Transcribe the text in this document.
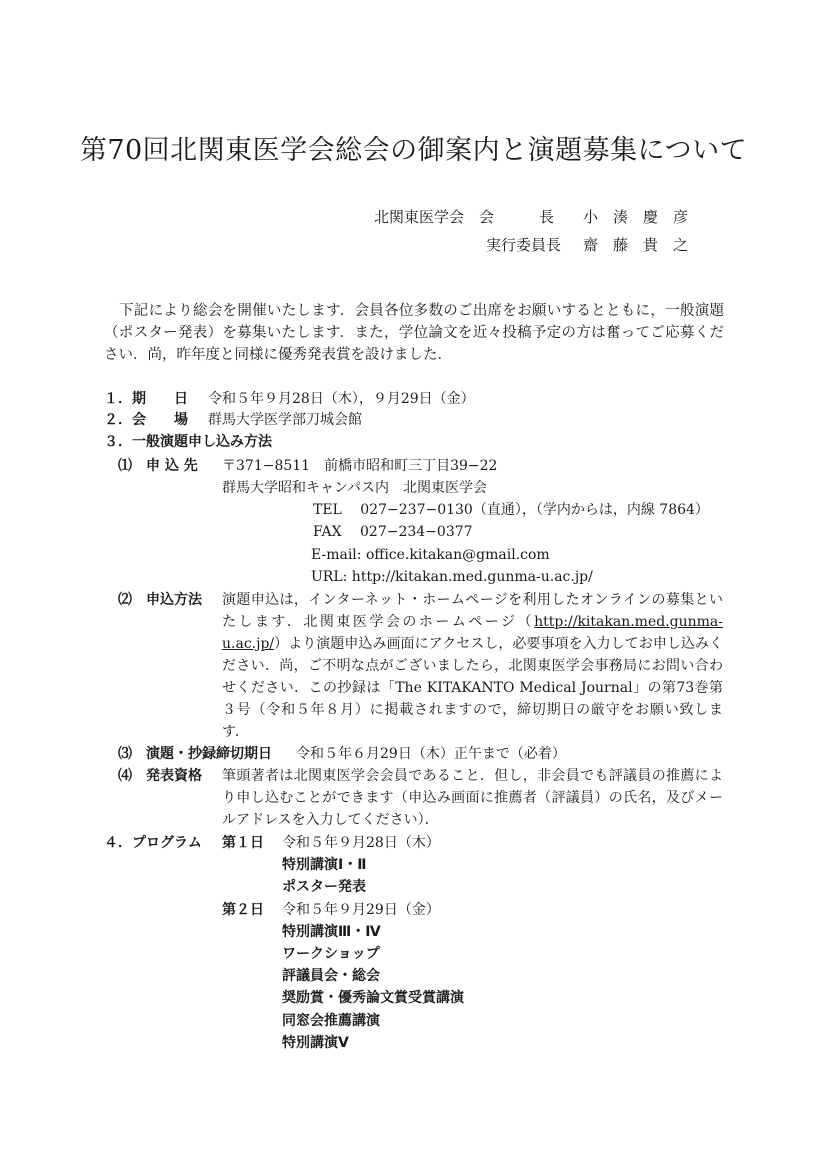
第70回北関東医学会総会の御案内と演題募集について
北関東医学会　会　　　長 小　湊　慶　彦
実行委員長 齋　藤　貴　之

下記により総会を開催いたします．会員各位多数のご出席をお願いするとともに，一般演題（ポスター発表）を募集いたします．また，学位論文を近々投稿予定の方は奮ってご応募ください．尚，昨年度と同様に優秀発表賞を設けました．

１．期　　日 令和５年９月28日（木），９月29日（金）
２．会　　場 群馬大学医学部刀城会館
３．一般演題申し込み方法
⑴ 申 込 先 〒371−8511　前橋市昭和町三丁目39−22
群馬大学昭和キャンパス内　北関東医学会
TEL　 027−237−0130（直通），（学内からは，内線 7864）
FAX　 027−234−0377
E-mail: office.kitakan@gmail.com
URL: http://kitakan.med.gunma-u.ac.jp/
⑵ 申込方法 演題申込は，インターネット・ホームページを利用したオンラインの募集といたします．北関東医学会のホームページ（http://kitakan.med.gunma-u.ac.jp/）より演題申込み画面にアクセスし，必要事項を入力してお申し込みください．尚，ご不明な点がございましたら，北関東医学会事務局にお問い合わせください．この抄録は「The KITAKANTO Medical Journal」の第73巻第３号（令和５年８月）に掲載されますので，締切期日の厳守をお願い致します．

⑶ 演題・抄録締切期日 令和５年６月29日（木）正午まで（必着）
⑷ 発表資格 筆頭著者は北関東医学会会員であること．但し，非会員でも評議員の推薦により申し込むことができます（申込み画面に推薦者（評議員）の氏名，及びメールアドレスを入力してください）．

４．プログラム 第１日 令和５年９月28日（木）
特別講演Ⅰ・Ⅱ
ポスター発表
第２日 令和５年９月29日（金）
特別講演Ⅲ・Ⅳ
ワークショップ
評議員会・総会
奨励賞・優秀論文賞受賞講演
同窓会推薦講演
特別講演Ⅴ
